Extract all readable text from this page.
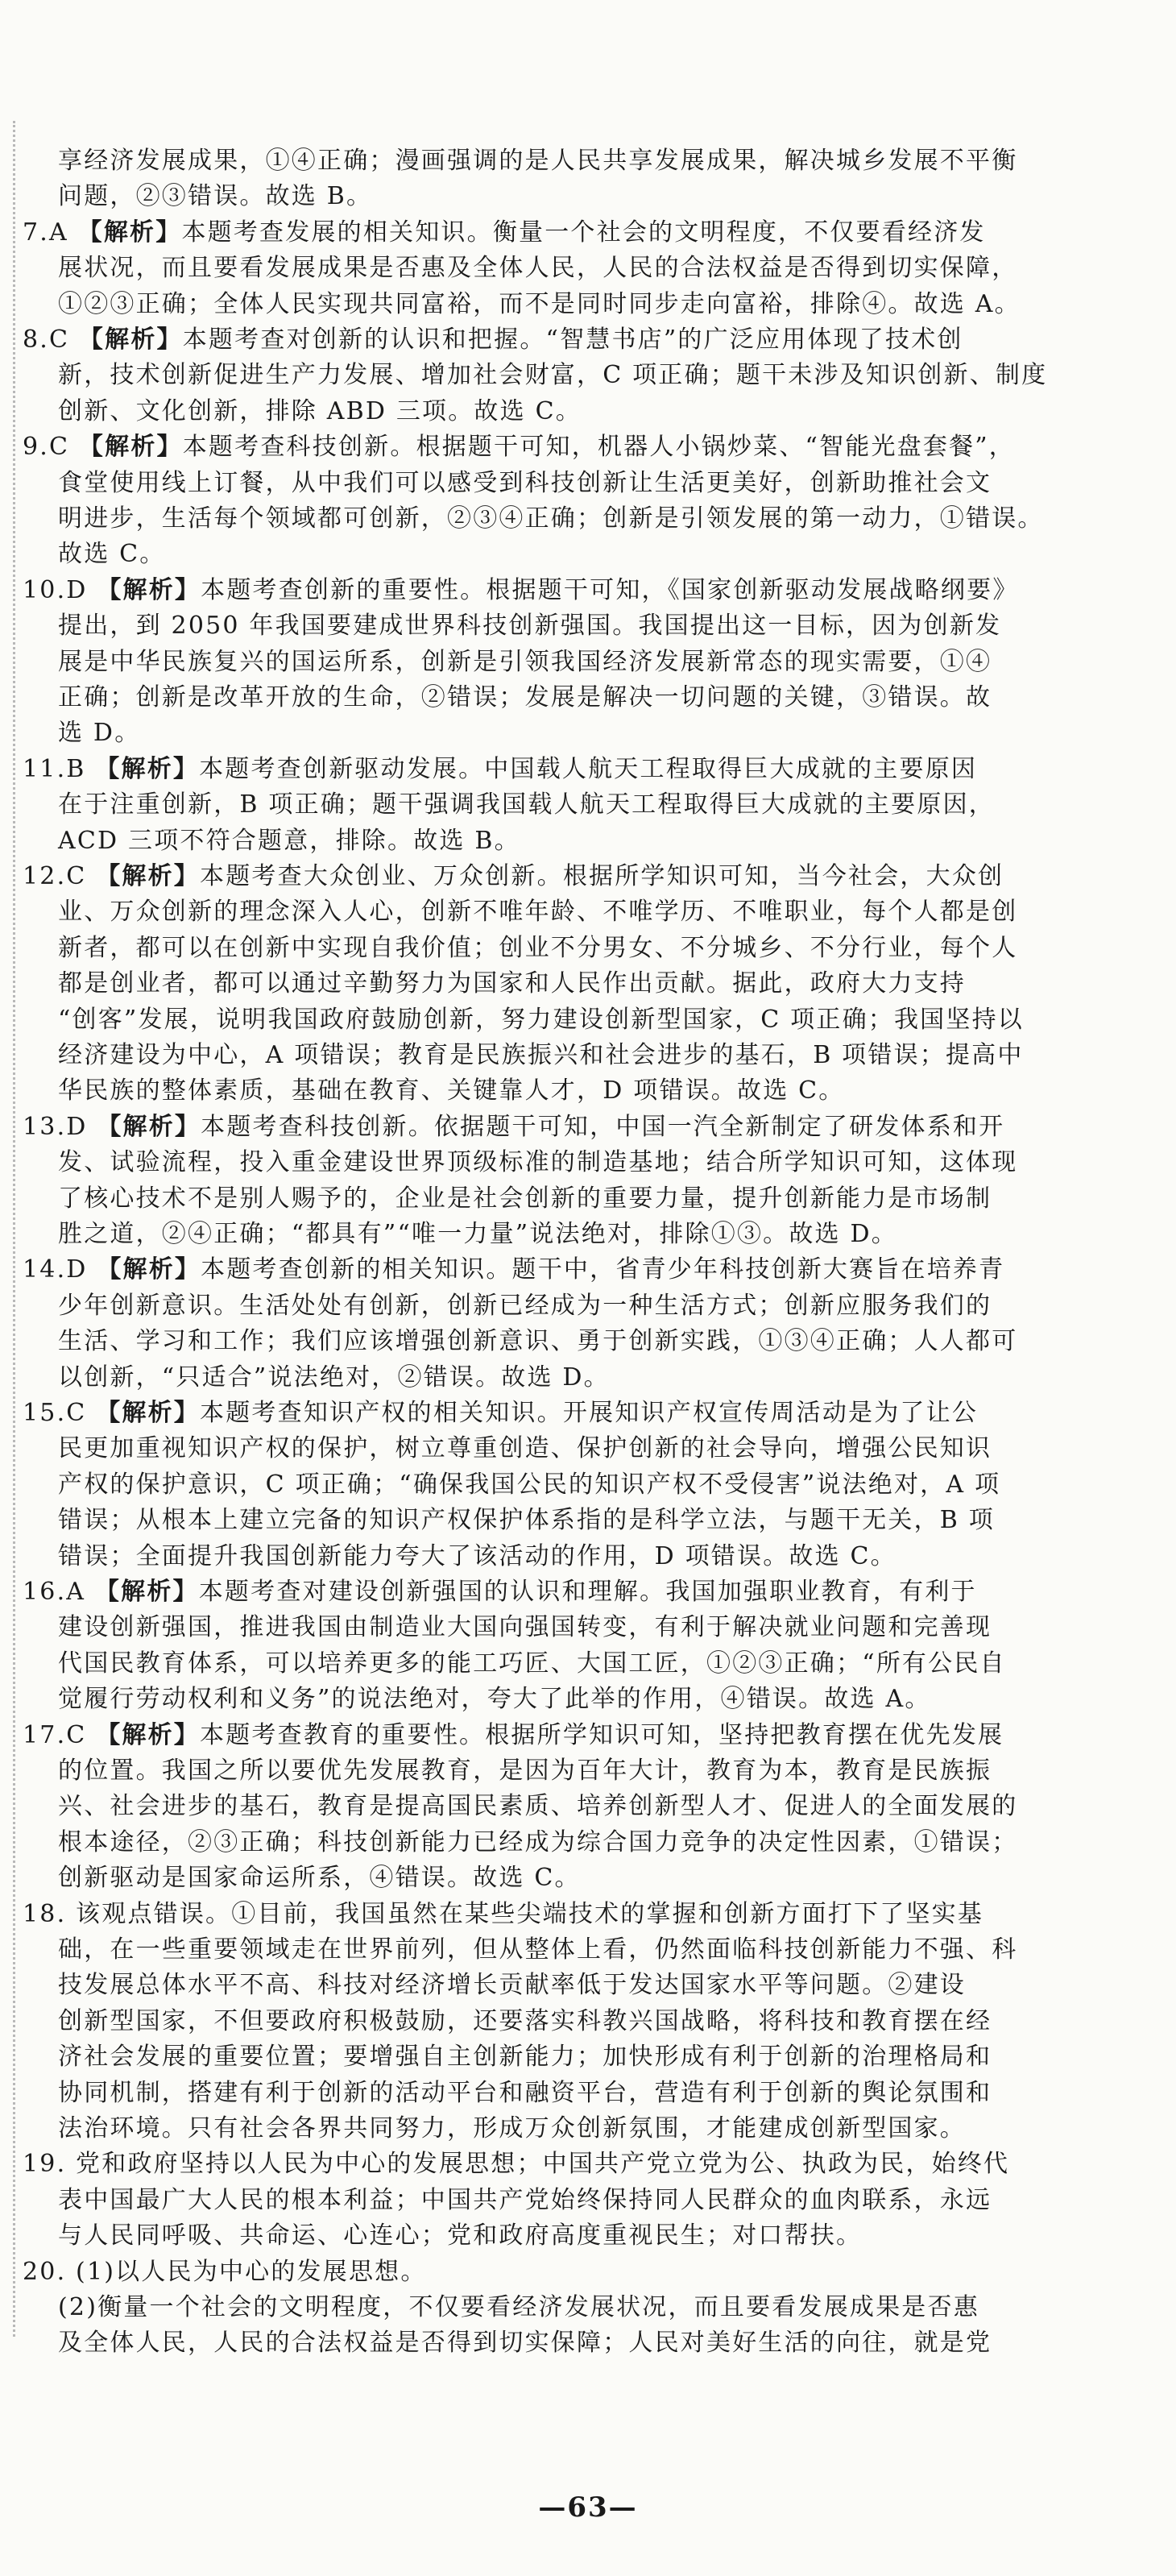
享经济发展成果，①④正确；漫画强调的是人民共享发展成果，解决城乡发展不平衡
问题，②③错误。故选 B。
7.A 【解析】本题考查发展的相关知识。衡量一个社会的文明程度，不仅要看经济发
展状况，而且要看发展成果是否惠及全体人民，人民的合法权益是否得到切实保障，
①②③正确；全体人民实现共同富裕，而不是同时同步走向富裕，排除④。故选 A。
8.C 【解析】本题考查对创新的认识和把握。“智慧书店”的广泛应用体现了技术创
新，技术创新促进生产力发展、增加社会财富，C 项正确；题干未涉及知识创新、制度
创新、文化创新，排除 ABD 三项。故选 C。
9.C 【解析】本题考查科技创新。根据题干可知，机器人小锅炒菜、“智能光盘套餐”，
食堂使用线上订餐，从中我们可以感受到科技创新让生活更美好，创新助推社会文
明进步，生活每个领域都可创新，②③④正确；创新是引领发展的第一动力，①错误。
故选 C。
10.D 【解析】本题考查创新的重要性。根据题干可知，《国家创新驱动发展战略纲要》
提出，到 2050 年我国要建成世界科技创新强国。我国提出这一目标，因为创新发
展是中华民族复兴的国运所系，创新是引领我国经济发展新常态的现实需要，①④
正确；创新是改革开放的生命，②错误；发展是解决一切问题的关键，③错误。故
选 D。
11.B 【解析】本题考查创新驱动发展。中国载人航天工程取得巨大成就的主要原因
在于注重创新，B 项正确；题干强调我国载人航天工程取得巨大成就的主要原因，
ACD 三项不符合题意，排除。故选 B。
12.C 【解析】本题考查大众创业、万众创新。根据所学知识可知，当今社会，大众创
业、万众创新的理念深入人心，创新不唯年龄、不唯学历、不唯职业，每个人都是创
新者，都可以在创新中实现自我价值；创业不分男女、不分城乡、不分行业，每个人
都是创业者，都可以通过辛勤努力为国家和人民作出贡献。据此，政府大力支持
“创客”发展，说明我国政府鼓励创新，努力建设创新型国家，C 项正确；我国坚持以
经济建设为中心，A 项错误；教育是民族振兴和社会进步的基石，B 项错误；提高中
华民族的整体素质，基础在教育、关键靠人才，D 项错误。故选 C。
13.D 【解析】本题考查科技创新。依据题干可知，中国一汽全新制定了研发体系和开
发、试验流程，投入重金建设世界顶级标准的制造基地；结合所学知识可知，这体现
了核心技术不是别人赐予的，企业是社会创新的重要力量，提升创新能力是市场制
胜之道，②④正确；“都具有”“唯一力量”说法绝对，排除①③。故选 D。
14.D 【解析】本题考查创新的相关知识。题干中，省青少年科技创新大赛旨在培养青
少年创新意识。生活处处有创新，创新已经成为一种生活方式；创新应服务我们的
生活、学习和工作；我们应该增强创新意识、勇于创新实践，①③④正确；人人都可
以创新，“只适合”说法绝对，②错误。故选 D。
15.C 【解析】本题考查知识产权的相关知识。开展知识产权宣传周活动是为了让公
民更加重视知识产权的保护，树立尊重创造、保护创新的社会导向，增强公民知识
产权的保护意识，C 项正确；“确保我国公民的知识产权不受侵害”说法绝对，A 项
错误；从根本上建立完备的知识产权保护体系指的是科学立法，与题干无关，B 项
错误；全面提升我国创新能力夸大了该活动的作用，D 项错误。故选 C。
16.A 【解析】本题考查对建设创新强国的认识和理解。我国加强职业教育，有利于
建设创新强国，推进我国由制造业大国向强国转变，有利于解决就业问题和完善现
代国民教育体系，可以培养更多的能工巧匠、大国工匠，①②③正确；“所有公民自
觉履行劳动权利和义务”的说法绝对，夸大了此举的作用，④错误。故选 A。
17.C 【解析】本题考查教育的重要性。根据所学知识可知，坚持把教育摆在优先发展
的位置。我国之所以要优先发展教育，是因为百年大计，教育为本，教育是民族振
兴、社会进步的基石，教育是提高国民素质、培养创新型人才、促进人的全面发展的
根本途径，②③正确；科技创新能力已经成为综合国力竞争的决定性因素，①错误；
创新驱动是国家命运所系，④错误。故选 C。
18. 该观点错误。①目前，我国虽然在某些尖端技术的掌握和创新方面打下了坚实基
础，在一些重要领域走在世界前列，但从整体上看，仍然面临科技创新能力不强、科
技发展总体水平不高、科技对经济增长贡献率低于发达国家水平等问题。②建设
创新型国家，不但要政府积极鼓励，还要落实科教兴国战略，将科技和教育摆在经
济社会发展的重要位置；要增强自主创新能力；加快形成有利于创新的治理格局和
协同机制，搭建有利于创新的活动平台和融资平台，营造有利于创新的舆论氛围和
法治环境。只有社会各界共同努力，形成万众创新氛围，才能建成创新型国家。
19. 党和政府坚持以人民为中心的发展思想；中国共产党立党为公、执政为民，始终代
表中国最广大人民的根本利益；中国共产党始终保持同人民群众的血肉联系，永远
与人民同呼吸、共命运、心连心；党和政府高度重视民生；对口帮扶。
20. (1)以人民为中心的发展思想。
(2)衡量一个社会的文明程度，不仅要看经济发展状况，而且要看发展成果是否惠
及全体人民，人民的合法权益是否得到切实保障；人民对美好生活的向往，就是党
—63—
